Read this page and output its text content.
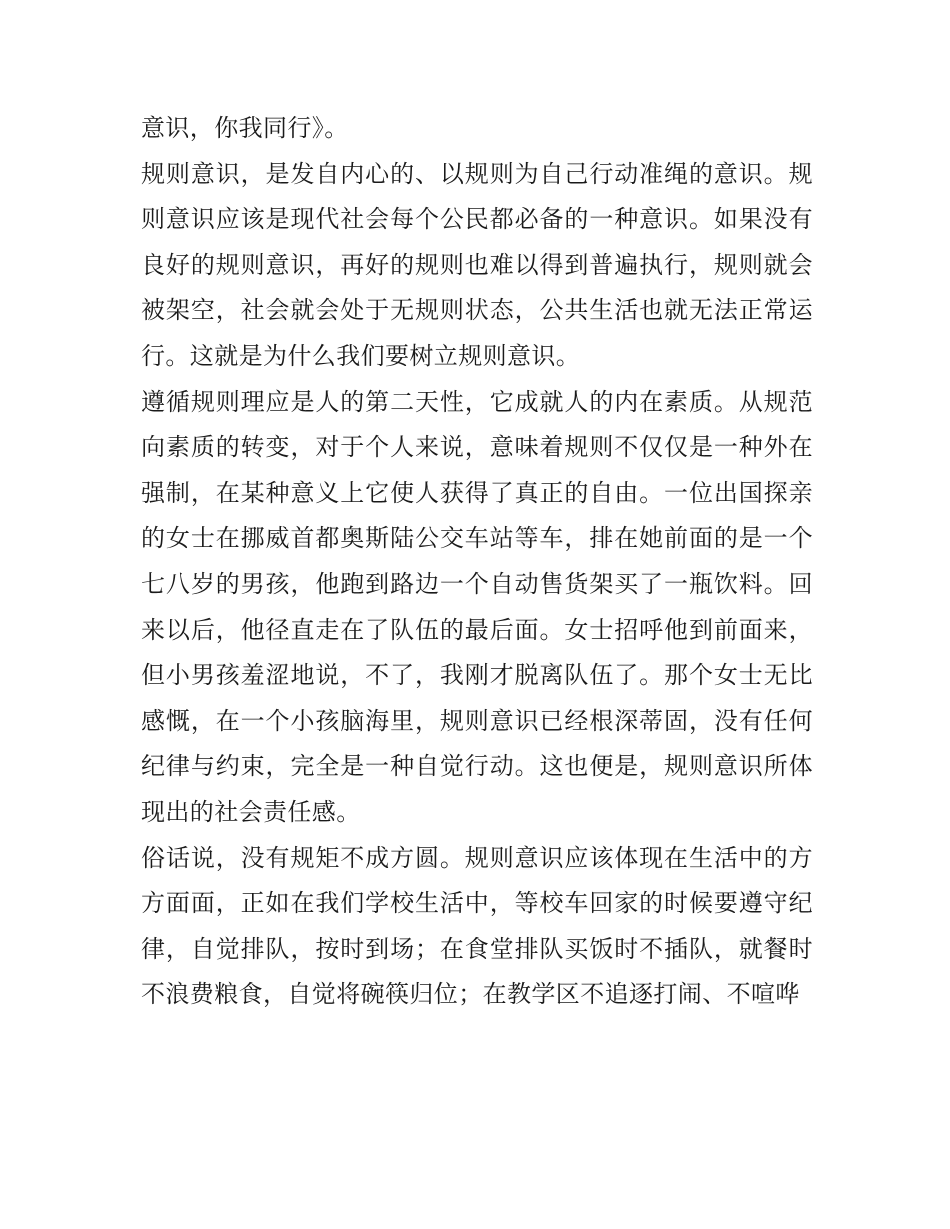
意识，你我同行》。

规则意识，是发自内心的、以规则为自己行动准绳的意识。规则意识应该是现代社会每个公民都必备的一种意识。如果没有良好的规则意识，再好的规则也难以得到普遍执行，规则就会被架空，社会就会处于无规则状态，公共生活也就无法正常运行。这就是为什么我们要树立规则意识。

遵循规则理应是人的第二天性，它成就人的内在素质。从规范向素质的转变，对于个人来说，意味着规则不仅仅是一种外在强制，在某种意义上它使人获得了真正的自由。一位出国探亲的女士在挪威首都奥斯陆公交车站等车，排在她前面的是一个七八岁的男孩，他跑到路边一个自动售货架买了一瓶饮料。回来以后，他径直走在了队伍的最后面。女士招呼他到前面来，但小男孩羞涩地说，不了，我刚才脱离队伍了。那个女士无比感慨，在一个小孩脑海里，规则意识已经根深蒂固，没有任何纪律与约束，完全是一种自觉行动。这也便是，规则意识所体现出的社会责任感。

俗话说，没有规矩不成方圆。规则意识应该体现在生活中的方方面面，正如在我们学校生活中，等校车回家的时候要遵守纪律，自觉排队，按时到场；在食堂排队买饭时不插队，就餐时不浪费粮食，自觉将碗筷归位；在教学区不追逐打闹、不喧哗
